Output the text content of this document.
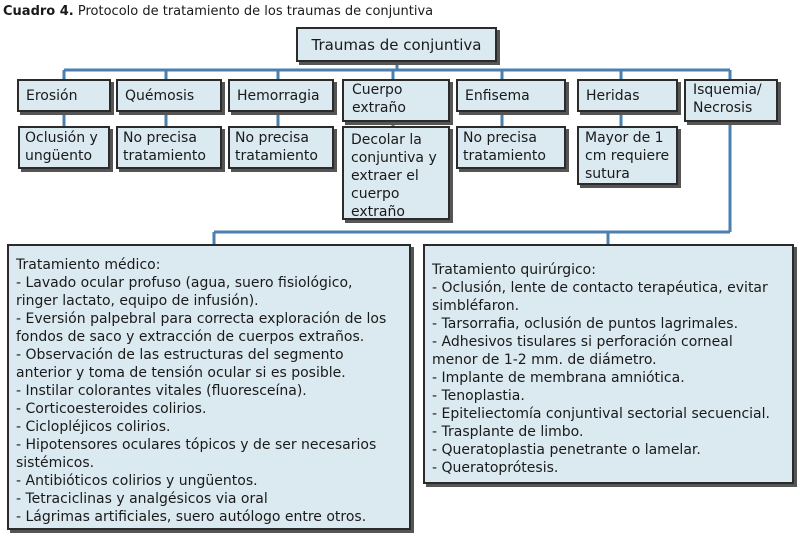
Cuadro 4. Protocolo de tratamiento de los traumas de conjuntiva
Traumas de conjuntiva
Erosión	Quémosis	Hemorragia Cuerpo extraño
Enfisema	Heridas	Isquemia/ Necrosis
Oclusión y ungüento
No precisa tratamiento
No precisa tratamiento
Decolar la conjuntiva y extraer el cuerpo extraño
No precisa tratamiento
Mayor de 1 cm requiere sutura
Tratamiento médico:
- Lavado ocular profuso (agua, suero fisiológico,
ringer lactato, equipo de infusión).
- Eversión palpebral para correcta exploración de los
fondos de saco y extracción de cuerpos extraños.
- Observación de las estructuras del segmento
anterior y toma de tensión ocular si es posible.
- Instilar colorantes vitales (fluoresceína).
- Corticoesteroides colirios.
- Ciclopléjicos colirios.
- Hipotensores oculares tópicos y de ser necesarios
sistémicos.
- Antibióticos colirios y ungüentos.
- Tetraciclinas y analgésicos via oral
- Lágrimas artificiales, suero autólogo entre otros.
Tratamiento quirúrgico:
- Oclusión, lente de contacto terapéutica, evitar
simbléfaron.
- Tarsorrafia, oclusión de puntos lagrimales.
- Adhesivos tisulares si perforación corneal
menor de 1-2 mm. de diámetro.
- Implante de membrana amniótica.
- Tenoplastia.
- Epiteliectomía conjuntival sectorial secuencial.
- Trasplante de limbo.
- Queratoplastia penetrante o lamelar.
- Queratoprótesis.
